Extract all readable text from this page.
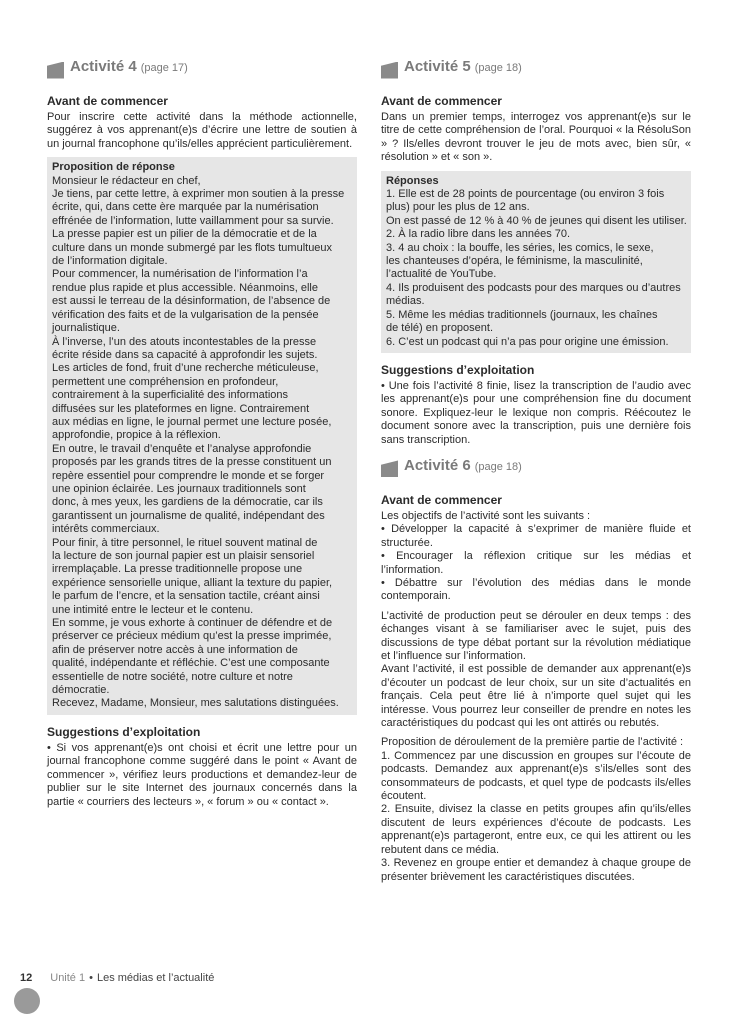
Activité 4 (page 17)
Avant de commencer

Pour inscrire cette activité dans la méthode actionnelle, suggérez à vos apprenant(e)s d’écrire une lettre de soutien à un journal francophone qu’ils/elles apprécient particulièrement.

Proposition de réponse
Monsieur le rédacteur en chef,
Je tiens, par cette lettre, à exprimer mon soutien à la presse
écrite, qui, dans cette ère marquée par la numérisation
effrénée de l’information, lutte vaillamment pour sa survie.
La presse papier est un pilier de la démocratie et de la
culture dans un monde submergé par les flots tumultueux
de l’information digitale.
Pour commencer, la numérisation de l’information l’a
rendue plus rapide et plus accessible. Néanmoins, elle
est aussi le terreau de la désinformation, de l’absence de
vérification des faits et de la vulgarisation de la pensée
journalistique.
À l’inverse, l’un des atouts incontestables de la presse
écrite réside dans sa capacité à approfondir les sujets.
Les articles de fond, fruit d’une recherche méticuleuse,
permettent une compréhension en profondeur,
contrairement à la superficialité des informations
diffusées sur les plateformes en ligne. Contrairement
aux médias en ligne, le journal permet une lecture posée,
approfondie, propice à la réflexion.
En outre, le travail d’enquête et l’analyse approfondie
proposés par les grands titres de la presse constituent un
repère essentiel pour comprendre le monde et se forger
une opinion éclairée. Les journaux traditionnels sont
donc, à mes yeux, les gardiens de la démocratie, car ils
garantissent un journalisme de qualité, indépendant des
intérêts commerciaux.
Pour finir, à titre personnel, le rituel souvent matinal de
la lecture de son journal papier est un plaisir sensoriel
irremplaçable. La presse traditionnelle propose une
expérience sensorielle unique, alliant la texture du papier,
le parfum de l’encre, et la sensation tactile, créant ainsi
une intimité entre le lecteur et le contenu.
En somme, je vous exhorte à continuer de défendre et de
préserver ce précieux médium qu’est la presse imprimée,
afin de préserver notre accès à une information de
qualité, indépendante et réfléchie. C’est une composante
essentielle de notre société, notre culture et notre
démocratie.
Recevez, Madame, Monsieur, mes salutations distinguées.
Suggestions d’exploitation

• Si vos apprenant(e)s ont choisi et écrit une lettre pour un journal francophone comme suggéré dans le point « Avant de commencer », vérifiez leurs productions et demandez-leur de publier sur le site Internet des journaux concernés dans la partie « courriers des lecteurs », « forum » ou « contact ».

Activité 5 (page 18)
Avant de commencer

Dans un premier temps, interrogez vos apprenant(e)s sur le titre de cette compréhension de l’oral. Pourquoi « la RésoluSon » ? Ils/elles devront trouver le jeu de mots avec, bien sûr, « résolution » et « son ».

Réponses
1. Elle est de 28 points de pourcentage (ou environ 3 fois
plus) pour les plus de 12 ans.
On est passé de 12 % à 40 % de jeunes qui disent les utiliser.
2. À la radio libre dans les années 70.
3. 4 au choix : la bouffe, les séries, les comics, le sexe,
les chanteuses d’opéra, le féminisme, la masculinité,
l’actualité de YouTube.
4. Ils produisent des podcasts pour des marques ou d’autres
médias.
5. Même les médias traditionnels (journaux, les chaînes
de télé) en proposent.
6. C’est un podcast qui n’a pas pour origine une émission.
Suggestions d’exploitation

• Une fois l’activité 8 finie, lisez la transcription de l’audio avec les apprenant(e)s pour une compréhension fine du document sonore. Expliquez-leur le lexique non compris. Réécoutez le document sonore avec la transcription, puis une dernière fois sans transcription.

Activité 6 (page 18)
Avant de commencer

Les objectifs de l’activité sont les suivants :

• Développer la capacité à s’exprimer de manière fluide et structurée.

• Encourager la réflexion critique sur les médias et l’information.

• Débattre sur l’évolution des médias dans le monde contemporain.

L’activité de production peut se dérouler en deux temps : des échanges visant à se familiariser avec le sujet, puis des discussions de type débat portant sur la révolution médiatique et l’influence sur l’information.

Avant l’activité, il est possible de demander aux apprenant(e)s d’écouter un podcast de leur choix, sur un site d’actualités en français. Cela peut être lié à n’importe quel sujet qui les intéresse. Vous pourrez leur conseiller de prendre en notes les caractéristiques du podcast qui les ont attirés ou rebutés.

Proposition de déroulement de la première partie de l’activité :

1. Commencez par une discussion en groupes sur l’écoute de podcasts. Demandez aux apprenant(e)s s’ils/elles sont des consommateurs de podcasts, et quel type de podcasts ils/elles écoutent.

2. Ensuite, divisez la classe en petits groupes afin qu’ils/elles discutent de leurs expériences d’écoute de podcasts. Les apprenant(e)s partageront, entre eux, ce qui les attirent ou les rebutent dans ce média.

3. Revenez en groupe entier et demandez à chaque groupe de présenter brièvement les caractéristiques discutées.

12 Unité 1 • Les médias et l’actualité
